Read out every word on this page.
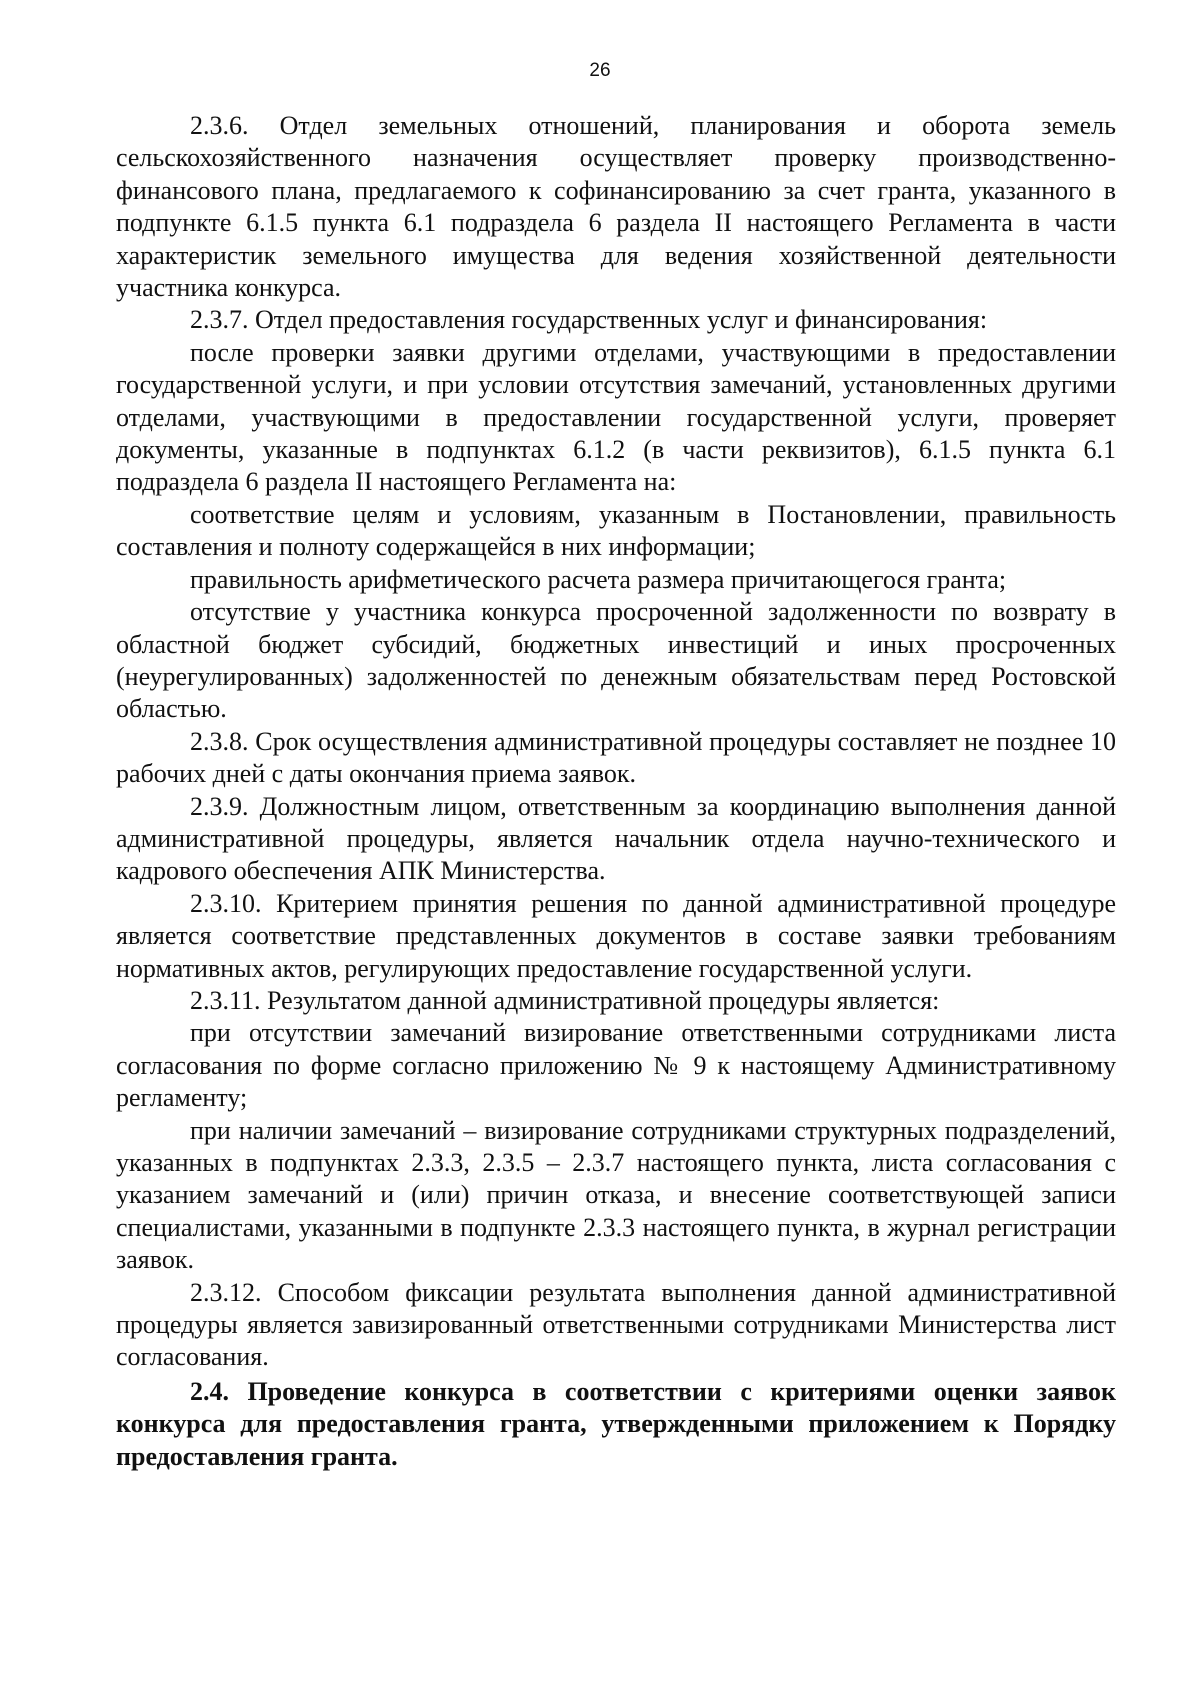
26

2.3.6. Отдел земельных отношений, планирования и оборота земель сельскохозяйственного назначения осуществляет проверку производственно-финансового плана, предлагаемого к софинансированию за счет гранта, указанного в подпункте 6.1.5 пункта 6.1 подраздела 6 раздела II настоящего Регламента в части характеристик земельного имущества для ведения хозяйственной деятельности участника конкурса.

2.3.7. Отдел предоставления государственных услуг и финансирования:

после проверки заявки другими отделами, участвующими в предоставлении государственной услуги, и при условии отсутствия замечаний, установленных другими отделами, участвующими в предоставлении государственной услуги, проверяет документы, указанные в подпунктах 6.1.2 (в части реквизитов), 6.1.5 пункта 6.1 подраздела 6 раздела II настоящего Регламента на:

соответствие целям и условиям, указанным в Постановлении, правильность составления и полноту содержащейся в них информации;

правильность арифметического расчета размера причитающегося гранта;

отсутствие у участника конкурса просроченной задолженности по возврату в областной бюджет субсидий, бюджетных инвестиций и иных просроченных (неурегулированных) задолженностей по денежным обязательствам перед Ростовской областью.

2.3.8. Срок осуществления административной процедуры составляет не позднее 10 рабочих дней с даты окончания приема заявок.

2.3.9. Должностным лицом, ответственным за координацию выполнения данной административной процедуры, является начальник отдела научно-технического и кадрового обеспечения АПК Министерства.

2.3.10. Критерием принятия решения по данной административной процедуре является соответствие представленных документов в составе заявки требованиям нормативных актов, регулирующих предоставление государственной услуги.

2.3.11. Результатом данной административной процедуры является:

при отсутствии замечаний визирование ответственными сотрудниками листа согласования по форме согласно приложению № 9 к настоящему Административному регламенту;

при наличии замечаний – визирование сотрудниками структурных подразделений, указанных в подпунктах 2.3.3, 2.3.5 – 2.3.7 настоящего пункта, листа согласования с указанием замечаний и (или) причин отказа, и внесение соответствующей записи специалистами, указанными в подпункте 2.3.3 настоящего пункта, в журнал регистрации заявок.

2.3.12. Способом фиксации результата выполнения данной административной процедуры является завизированный ответственными сотрудниками Министерства лист согласования.

2.4. Проведение конкурса в соответствии с критериями оценки заявок конкурса для предоставления гранта, утвержденными приложением к Порядку предоставления гранта.
